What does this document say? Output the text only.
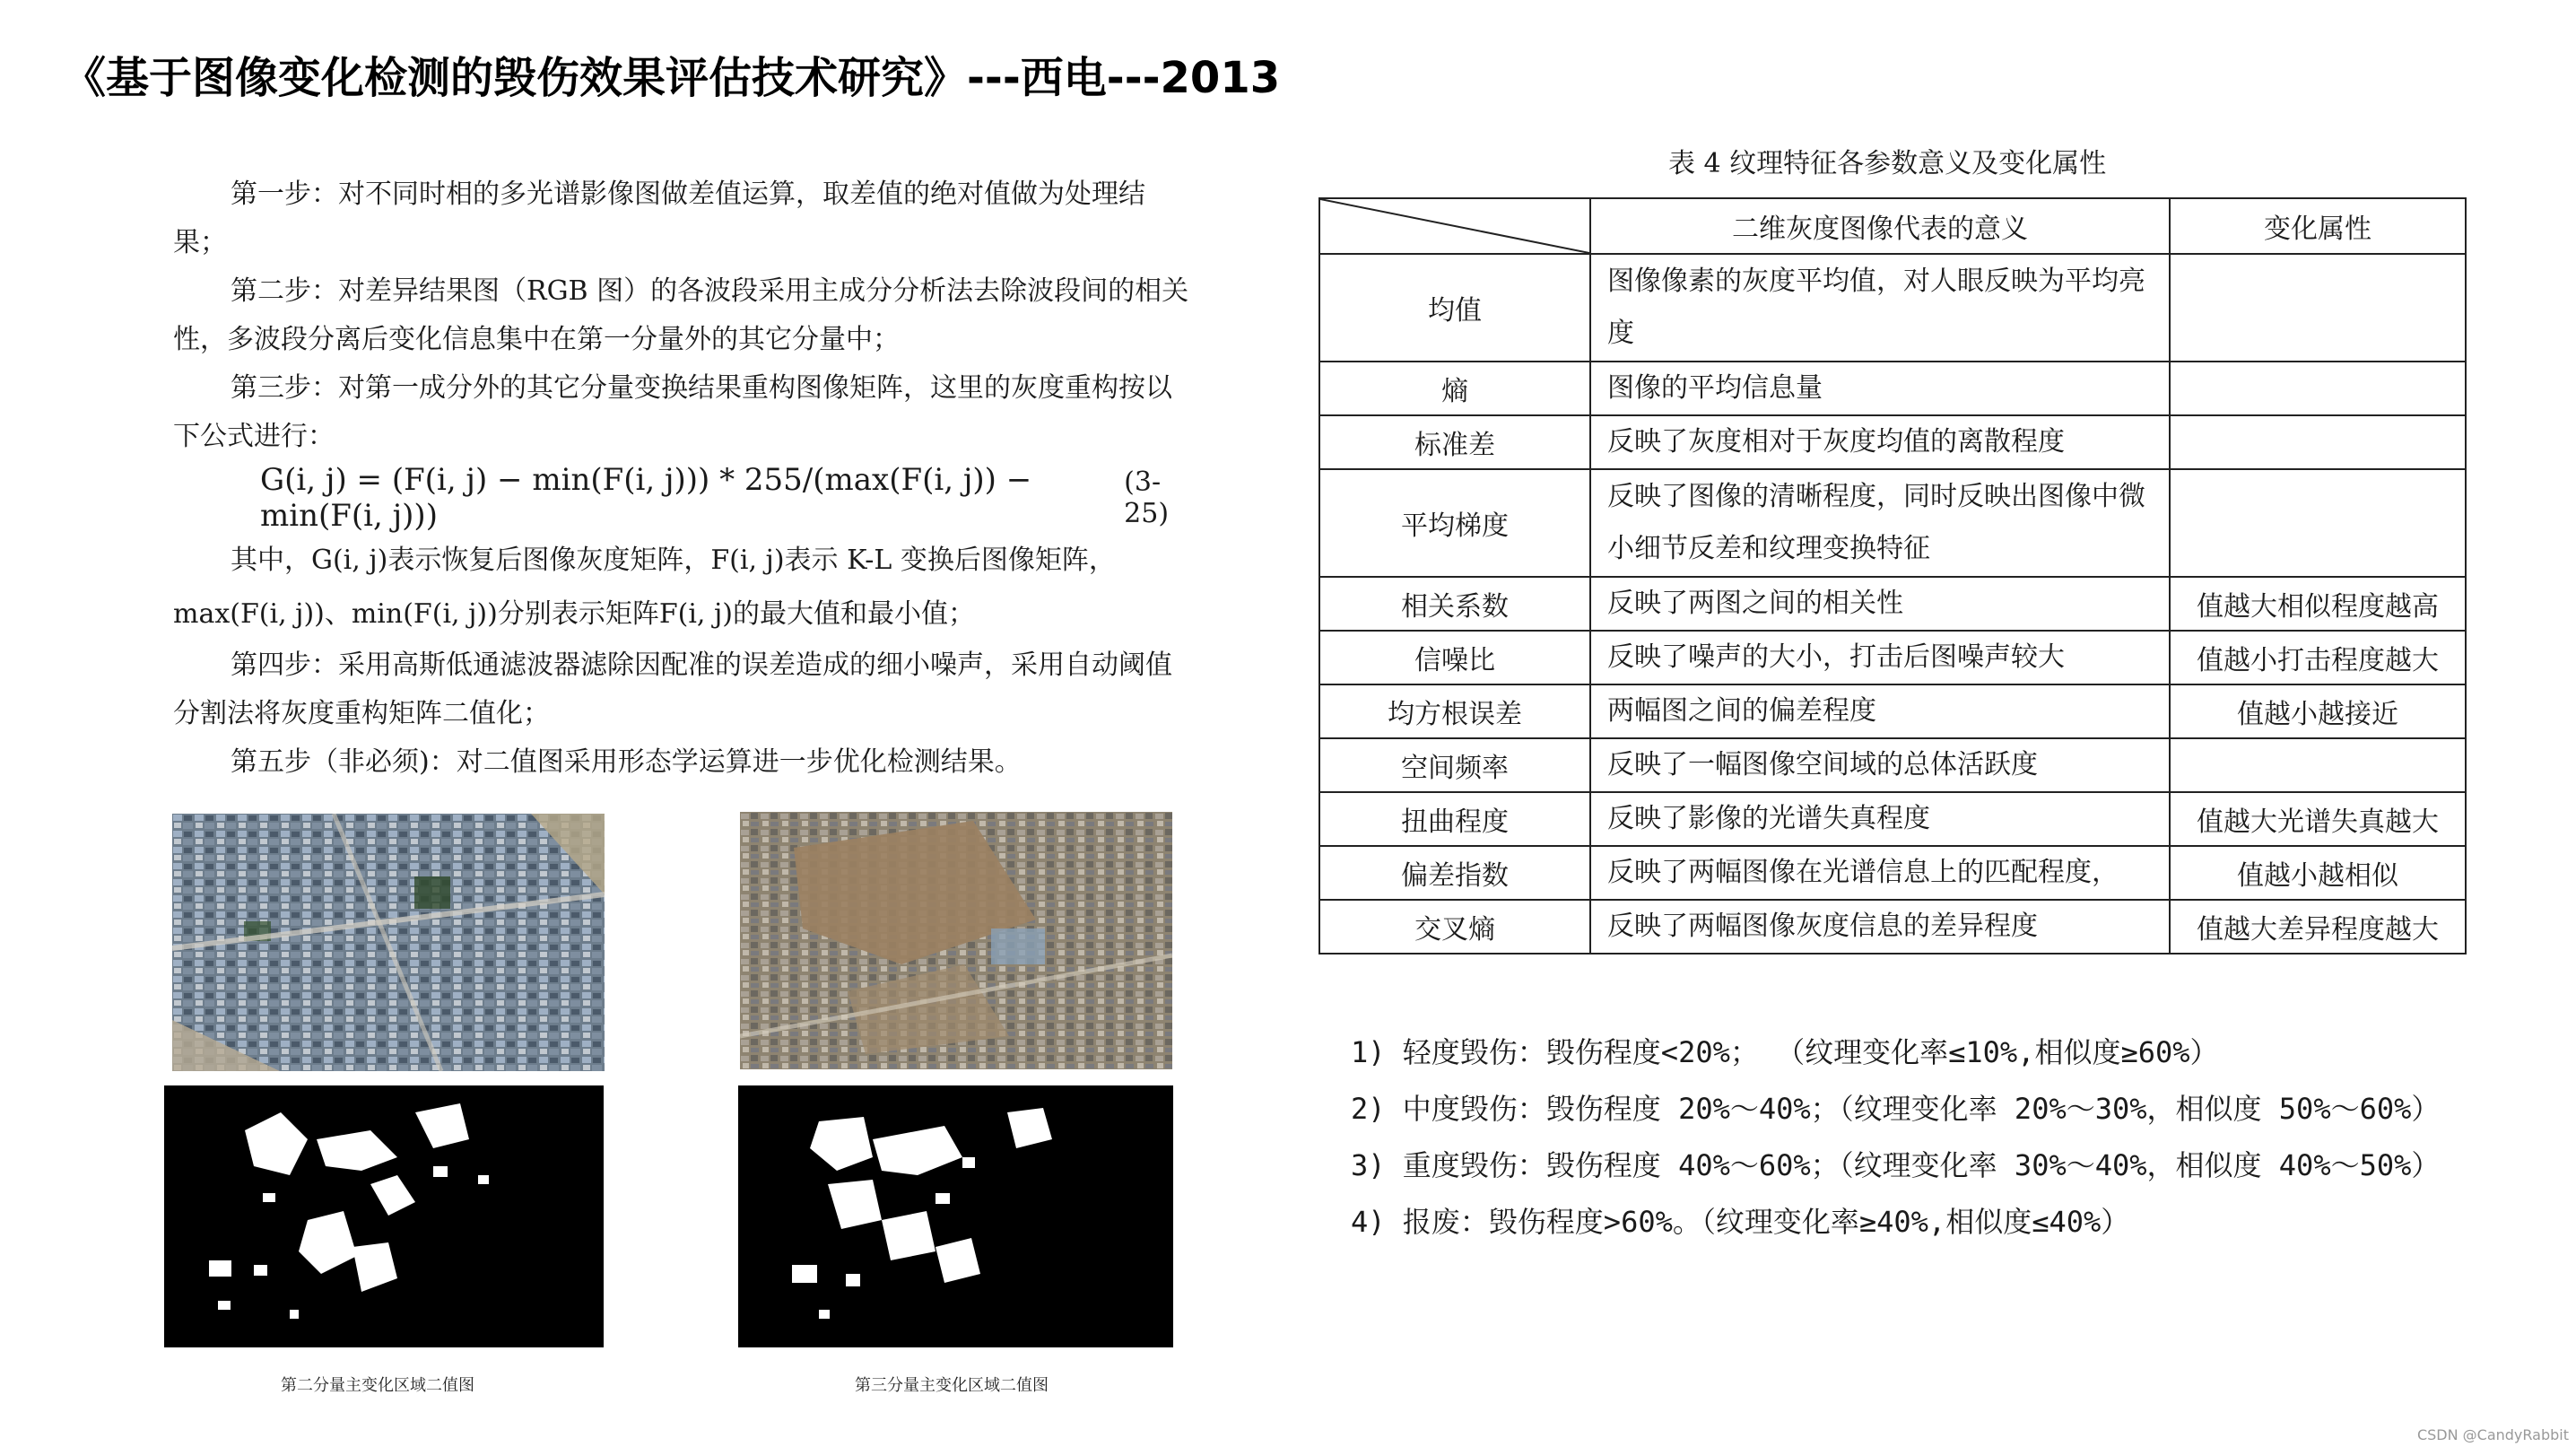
《基于图像变化检测的毁伤效果评估技术研究》---西电---2013

第一步：对不同时相的多光谱影像图做差值运算，取差值的绝对值做为处理结果；

第二步：对差异结果图（RGB 图）的各波段采用主成分分析法去除波段间的相关性，多波段分离后变化信息集中在第一分量外的其它分量中；

第三步：对第一成分外的其它分量变换结果重构图像矩阵，这里的灰度重构按以下公式进行：

G(i, j) = (F(i, j) − min(F(i, j))) * 255/(max(F(i, j)) − min(F(i, j)))
(3-25)

其中，G(i, j)表示恢复后图像灰度矩阵，F(i, j)表示 K-L 变换后图像矩阵，

max(F(i, j))、min(F(i, j))分别表示矩阵F(i, j)的最大值和最小值；

第四步：采用高斯低通滤波器滤除因配准的误差造成的细小噪声，采用自动阈值分割法将灰度重构矩阵二值化；

第五步（非必须)：对二值图采用形态学运算进一步优化检测结果。

第二分量主变化区域二值图	第三分量主变化区域二值图
表 4 纹理特征各参数意义及变化属性
	二维灰度图像代表的意义	变化属性
均值	图像像素的灰度平均值，对人眼反映为平均亮度	
熵	图像的平均信息量	
标准差	反映了灰度相对于灰度均值的离散程度	
平均梯度	反映了图像的清晰程度，同时反映出图像中微小细节反差和纹理变换特征	
相关系数	反映了两图之间的相关性	值越大相似程度越高
信噪比	反映了噪声的大小，打击后图噪声较大	值越小打击程度越大
均方根误差	两幅图之间的偏差程度	值越小越接近
空间频率	反映了一幅图像空间域的总体活跃度	
扭曲程度	反映了影像的光谱失真程度	值越大光谱失真越大
偏差指数	反映了两幅图像在光谱信息上的匹配程度，	值越小越相似
交叉熵	反映了两幅图像灰度信息的差异程度	值越大差异程度越大

1) 轻度毁伤：毁伤程度<20%； （纹理变化率≤10%,相似度≥60%）

2) 中度毁伤：毁伤程度 20%～40%；（纹理变化率 20%～30%，相似度 50%～60%）

3) 重度毁伤：毁伤程度 40%～60%；（纹理变化率 30%～40%，相似度 40%～50%）

4) 报废：毁伤程度>60%。（纹理变化率≥40%,相似度≤40%）

CSDN @CandyRabbit
